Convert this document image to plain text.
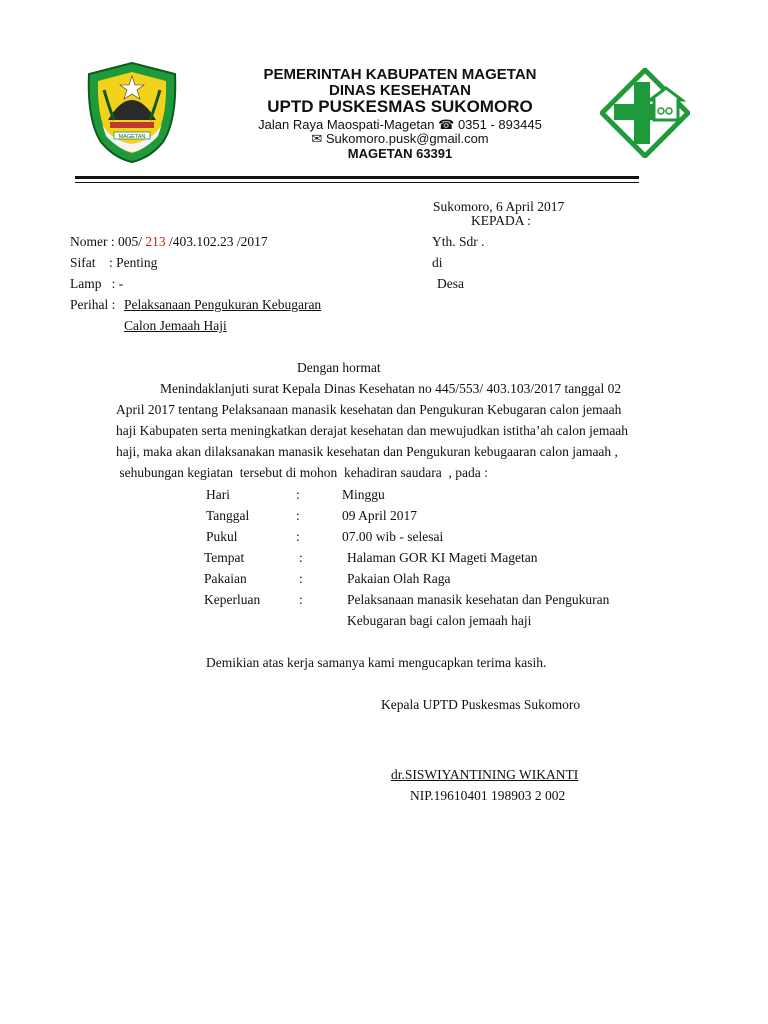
MAGETAN
PEMERINTAH KABUPATEN MAGETAN
DINAS KESEHATAN
UPTD PUSKESMAS SUKOMORO
Jalan Raya Maospati-Magetan ☎ 0351 - 893445
✉ Sukomoro.pusk@gmail.com
MAGETAN 63391
Sukomoro, 6 April 2017
KEPADA :
Yth. Sdr .
di
Desa
Nomer : 005/ 213 /403.102.23 /2017
Sifat    : Penting
Lamp   : -
Perihal : Pelaksanaan Pengukuran Kebugaran
Calon Jemaah Haji
Dengan hormat
Menindaklanjuti surat Kepala Dinas Kesehatan no 445/553/ 403.103/2017 tanggal 02
April 2017 tentang Pelaksanaan manasik kesehatan dan Pengukuran Kebugaran calon jemaah
haji Kabupaten serta meningkatkan derajat kesehatan dan mewujudkan istitha’ah calon jemaah
haji, maka akan dilaksanakan manasik kesehatan dan Pengukuran kebugaaran calon jamaah ,
sehubungan kegiatan  tersebut di mohon  kehadiran saudara  , pada :
Hari	:	Minggu
Tanggal	:	09 April 2017
Pukul	:	07.00 wib - selesai
Tempat	:	Halaman GOR KI Mageti Magetan
Pakaian	:	Pakaian Olah Raga
Keperluan	:	Pelaksanaan manasik kesehatan dan Pengukuran
Kebugaran bagi calon jemaah haji
Demikian atas kerja samanya kami mengucapkan terima kasih.
Kepala UPTD Puskesmas Sukomoro
dr.SISWIYANTINING WIKANTI
NIP.19610401 198903 2 002
